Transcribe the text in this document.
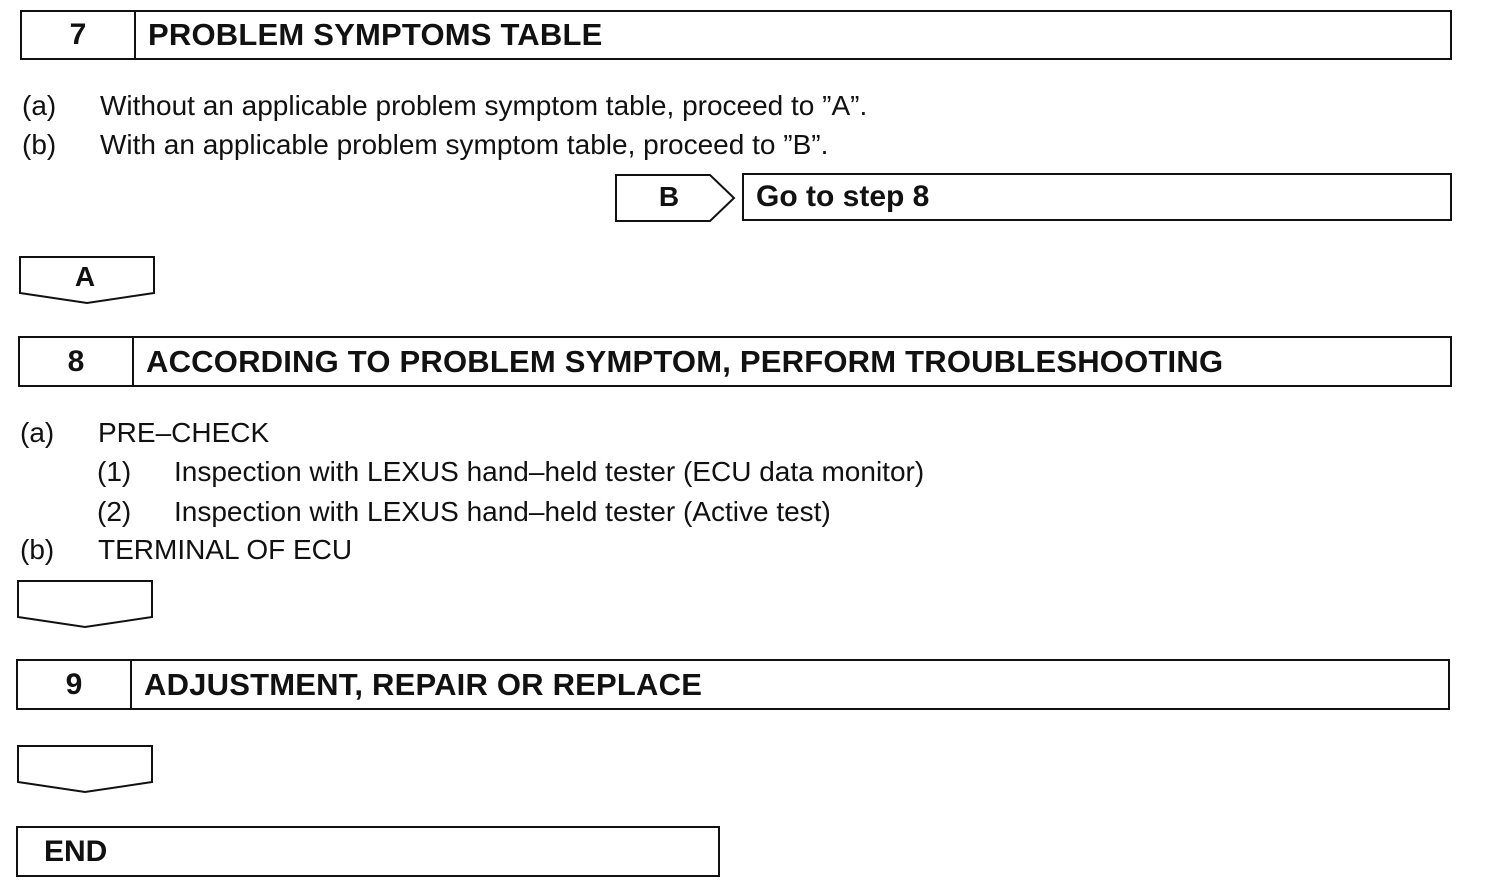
7	PROBLEM SYMPTOMS TABLE
(a) Without an applicable problem symptom table, proceed to ”A”.
(b) With an applicable problem symptom table, proceed to ”B”.
B	Go to step 8
A
8	ACCORDING TO PROBLEM SYMPTOM, PERFORM TROUBLESHOOTING
(a) PRE–CHECK
(1) Inspection with LEXUS hand–held tester (ECU data monitor)
(2) Inspection with LEXUS hand–held tester (Active test)
(b) TERMINAL OF ECU
9	ADJUSTMENT, REPAIR OR REPLACE
END
